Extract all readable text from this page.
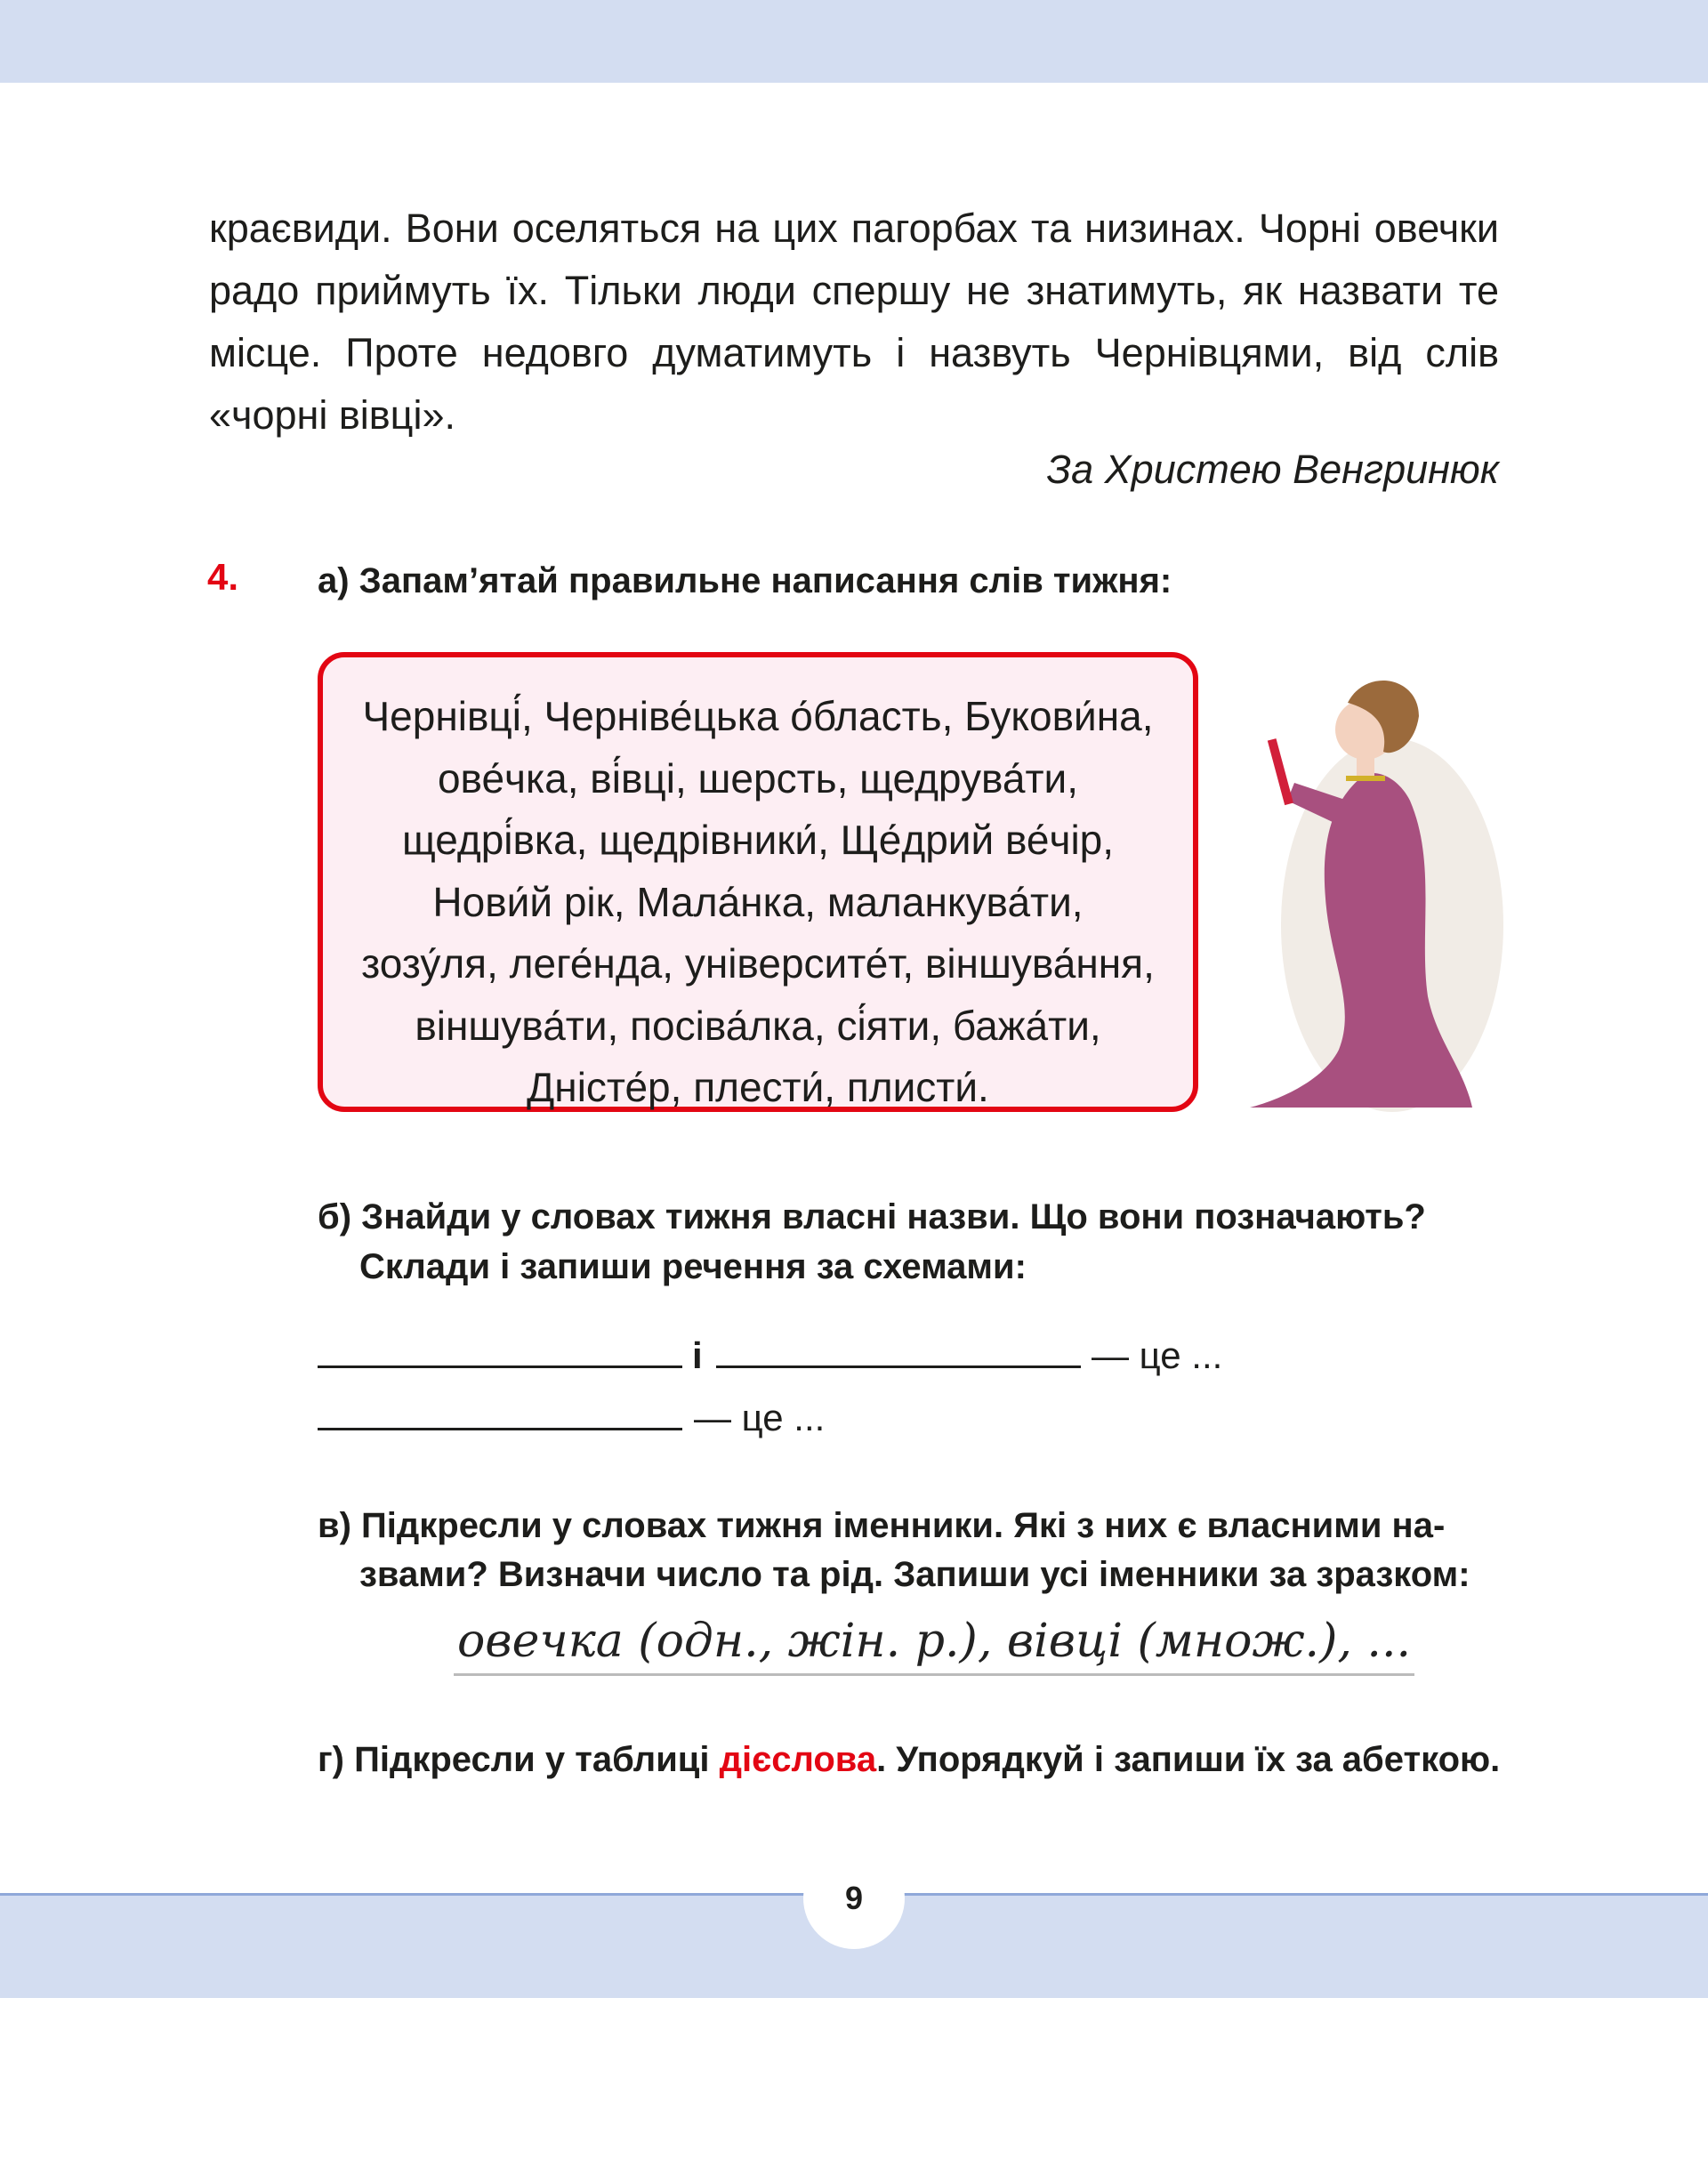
краєвиди. Вони оселяться на цих пагорбах та низинах. Чорні овечки радо приймуть їх. Тільки люди спершу не знатимуть, як назвати те місце. Проте недовго думатимуть і назвуть Чернівцями, від слів «чорні вівці».
За Христею Венгринюк
4. а) Запам’ятай правильне написання слів тижня:
Чернівці́, Черніве́цька о́бласть, Букови́на,
ове́чка, ві́вці, шерсть, щедрува́ти,
щедрі́вка, щедрівники́, Ще́дрий ве́чір,
Нови́й рік, Мала́нка, маланкува́ти,
зозу́ля, леге́нда, університе́т, віншува́ння,
віншува́ти, посіва́лка, сі́яти, бажа́ти,
Дністе́р, плести́, плисти́.
б) Знайди у словах тижня власні назви. Що вони позначають?
Склади і запиши речення за схемами:
і	— це ...
— це ...
в) Підкресли у словах тижня іменники. Які з них є власними на-
звами? Визначи число та рід. Запиши усі іменники за зразком:
овечка (одн., жін. р.), вівці (множ.), ...
г) Підкресли у таблиці дієслова. Упорядкуй і запиши їх за абеткою.
9
